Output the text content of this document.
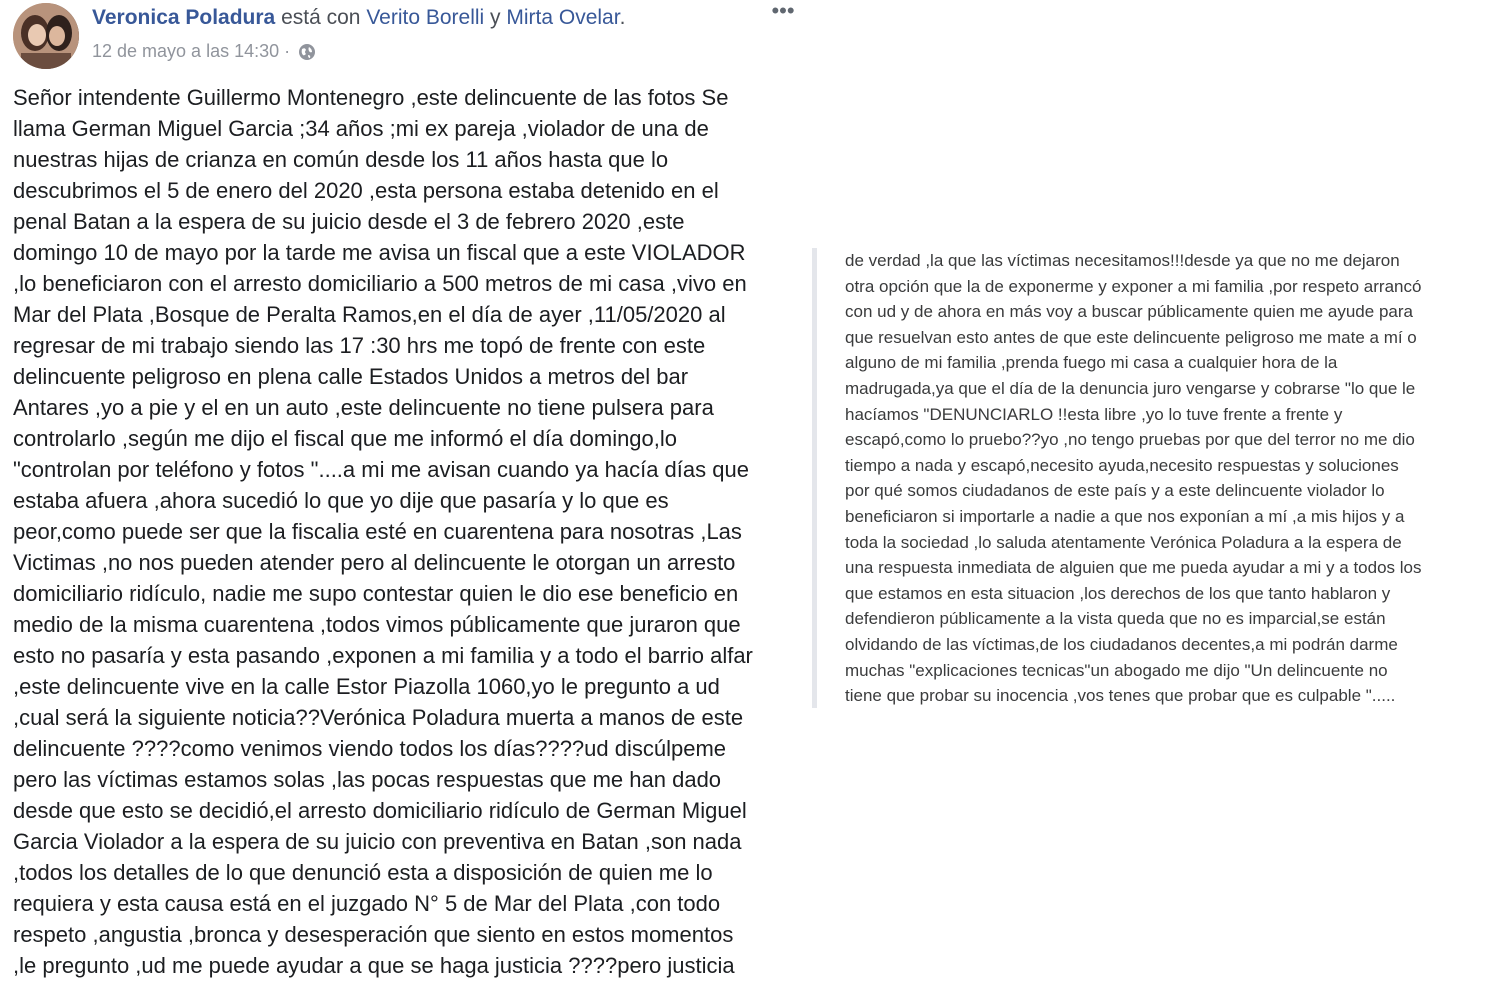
Veronica Poladura está con Verito Borelli y Mirta Ovelar.
12 de mayo a las 14:30 ·
•••
Señor intendente Guillermo Montenegro ,este delincuente de las fotos Se
llama German Miguel Garcia ;34 años ;mi ex pareja ,violador de una de
nuestras hijas de crianza en común desde los 11 años hasta que lo
descubrimos el 5 de enero del 2020 ,esta persona estaba detenido en el
penal Batan a la espera de su juicio desde el 3 de febrero 2020 ,este
domingo 10 de mayo por la tarde me avisa un fiscal que a este VIOLADOR
,lo beneficiaron con el arresto domiciliario a 500 metros de mi casa ,vivo en
Mar del Plata ,Bosque de Peralta Ramos,en el día de ayer ,11/05/2020 al
regresar de mi trabajo siendo las 17 :30 hrs me topó de frente con este
delincuente peligroso en plena calle Estados Unidos a metros del bar
Antares ,yo a pie y el en un auto ,este delincuente no tiene pulsera para
controlarlo ,según me dijo el fiscal que me informó el día domingo,lo
"controlan por teléfono y fotos "....a mi me avisan cuando ya hacía días que
estaba afuera ,ahora sucedió lo que yo dije que pasaría y lo que es
peor,como puede ser que la fiscalia esté en cuarentena para nosotras ,Las
Victimas ,no nos pueden atender pero al delincuente le otorgan un arresto
domiciliario ridículo, nadie me supo contestar quien le dio ese beneficio en
medio de la misma cuarentena ,todos vimos públicamente que juraron que
esto no pasaría y esta pasando ,exponen a mi familia y a todo el barrio alfar
,este delincuente vive en la calle Estor Piazolla 1060,yo le pregunto a ud
,cual será la siguiente noticia??Verónica Poladura muerta a manos de este
delincuente ????como venimos viendo todos los días????ud discúlpeme
pero las víctimas estamos solas ,las pocas respuestas que me han dado
desde que esto se decidió,el arresto domiciliario ridículo de German Miguel
Garcia Violador a la espera de su juicio con preventiva en Batan ,son nada
,todos los detalles de lo que denunció esta a disposición de quien me lo
requiera y esta causa está en el juzgado N° 5 de Mar del Plata ,con todo
respeto ,angustia ,bronca y desesperación que siento en estos momentos
,le pregunto ,ud me puede ayudar a que se haga justicia ????pero justicia
de verdad ,la que las víctimas necesitamos!!!desde ya que no me dejaron
otra opción que la de exponerme y exponer a mi familia ,por respeto arrancó
con ud y de ahora en más voy a buscar públicamente quien me ayude para
que resuelvan esto antes de que este delincuente peligroso me mate a mí o
alguno de mi familia ,prenda fuego mi casa a cualquier hora de la
madrugada,ya que el día de la denuncia juro vengarse y cobrarse "lo que le
hacíamos "DENUNCIARLO !!esta libre ,yo lo tuve frente a frente y
escapó,como lo pruebo??yo ,no tengo pruebas por que del terror no me dio
tiempo a nada y escapó,necesito ayuda,necesito respuestas y soluciones
por qué somos ciudadanos de este país y a este delincuente violador lo
beneficiaron si importarle a nadie a que nos exponían a mí ,a mis hijos y a
toda la sociedad ,lo saluda atentamente Verónica Poladura a la espera de
una respuesta inmediata de alguien que me pueda ayudar a mi y a todos los
que estamos en esta situacion ,los derechos de los que tanto hablaron y
defendieron públicamente a la vista queda que no es imparcial,se están
olvidando de las víctimas,de los ciudadanos decentes,a mi podrán darme
muchas "explicaciones tecnicas"un abogado me dijo "Un delincuente no
tiene que probar su inocencia ,vos tenes que probar que es culpable ".....
